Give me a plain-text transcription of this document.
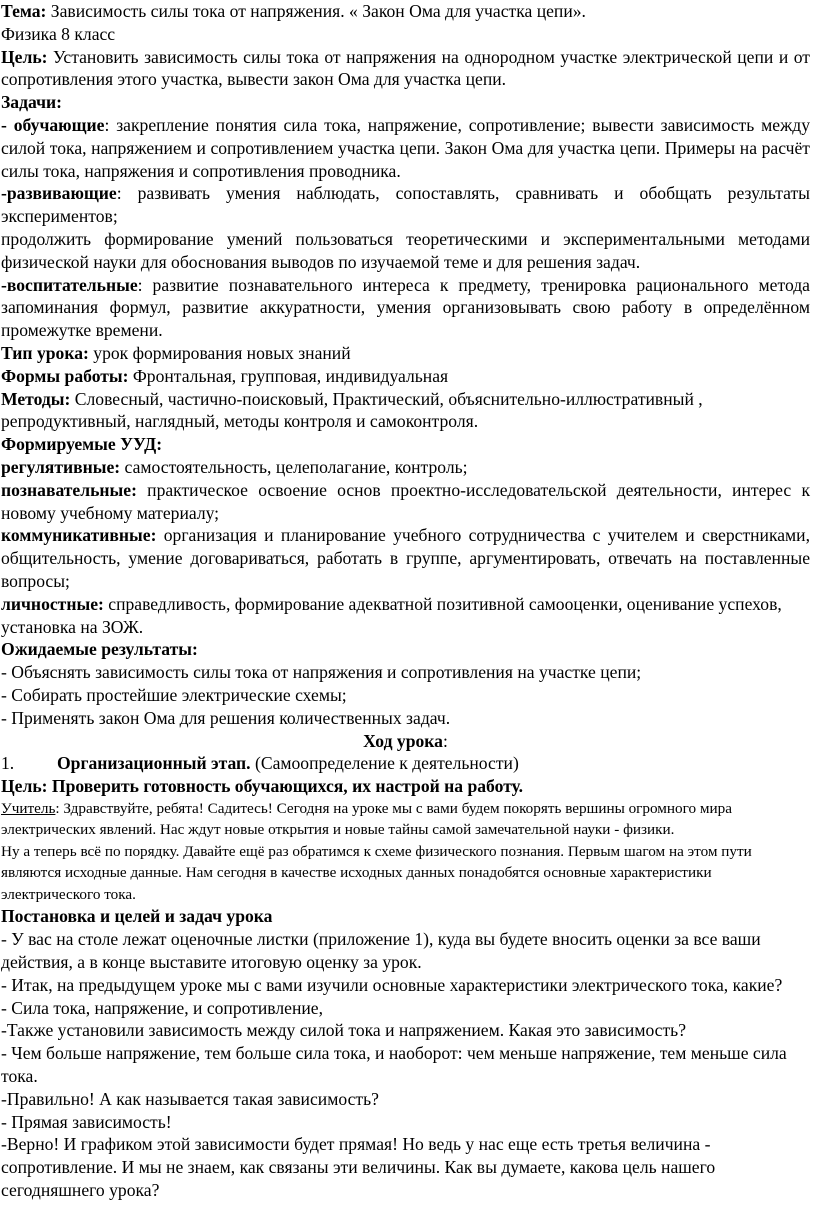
Тема: Зависимость силы тока от напряжения. « Закон Ома для участка цепи».

Физика 8 класс

Цель: Установить зависимость силы тока от напряжения на однородном участке электрической цепи и от сопротивления этого участка, вывести закон Ома для участка цепи.

Задачи:

- обучающие: закрепление понятия сила тока, напряжение, сопротивление; вывести зависимость между силой тока, напряжением и сопротивлением участка цепи. Закон Ома для участка цепи. Примеры на расчёт силы тока, напряжения и сопротивления проводника.

-развивающие: развивать умения наблюдать, сопоставлять, сравнивать и обобщать результаты экспериментов;

продолжить формирование умений пользоваться теоретическими и экспериментальными методами физической науки для обоснования выводов по изучаемой теме и для решения задач.

-воспитательные: развитие познавательного интереса к предмету, тренировка рационального метода запоминания формул, развитие аккуратности, умения организовывать свою работу в определённом промежутке времени.

Тип урока: урок формирования новых знаний

Формы работы: Фронтальная, групповая, индивидуальная

Методы: Словесный, частично-поисковый, Практический, объяснительно-иллюстративный , репродуктивный, наглядный, методы контроля и самоконтроля.

Формируемые УУД:

регулятивные: самостоятельность, целеполагание, контроль;

познавательные: практическое освоение основ проектно-исследовательской деятельности, интерес к новому учебному материалу;

коммуникативные: организация и планирование учебного сотрудничества с учителем и сверстниками, общительность, умение договариваться, работать в группе, аргументировать, отвечать на поставленные вопросы;

личностные: справедливость, формирование адекватной позитивной самооценки, оценивание успехов, установка на ЗОЖ.

Ожидаемые результаты:

- Объяснять зависимость силы тока от напряжения и сопротивления на участке цепи;

- Собирать простейшие электрические схемы;

- Применять закон Ома для решения количественных задач.

Ход урока:

1. Организационный этап. (Самоопределение к деятельности)

Цель: Проверить готовность обучающихся, их настрой на работу.

Учитель: Здравствуйте, ребята! Садитесь! Сегодня на уроке мы с вами будем покорять вершины огромного мира электрических явлений. Нас ждут новые открытия и новые тайны самой замечательной науки - физики.

Ну а теперь всё по порядку. Давайте ещё раз обратимся к схеме физического познания. Первым шагом на этом пути являются исходные данные. Нам сегодня в качестве исходных данных понадобятся основные характеристики электрического тока.

Постановка и целей и задач урока

- У вас на столе лежат оценочные листки (приложение 1), куда вы будете вносить оценки за все ваши действия, а в конце выставите итоговую оценку за урок.

- Итак, на предыдущем уроке мы с вами изучили основные характеристики электрического тока, какие?

- Сила тока, напряжение, и сопротивление,

-Также установили зависимость между силой тока и напряжением. Какая это зависимость?

- Чем больше напряжение, тем больше сила тока, и наоборот: чем меньше напряжение, тем меньше сила тока.

-Правильно! А как называется такая зависимость?

- Прямая зависимость!

-Верно! И графиком этой зависимости будет прямая! Но ведь у нас еще есть третья величина - сопротивление. И мы не знаем, как связаны эти величины. Как вы думаете, какова цель нашего сегодняшнего урока?
